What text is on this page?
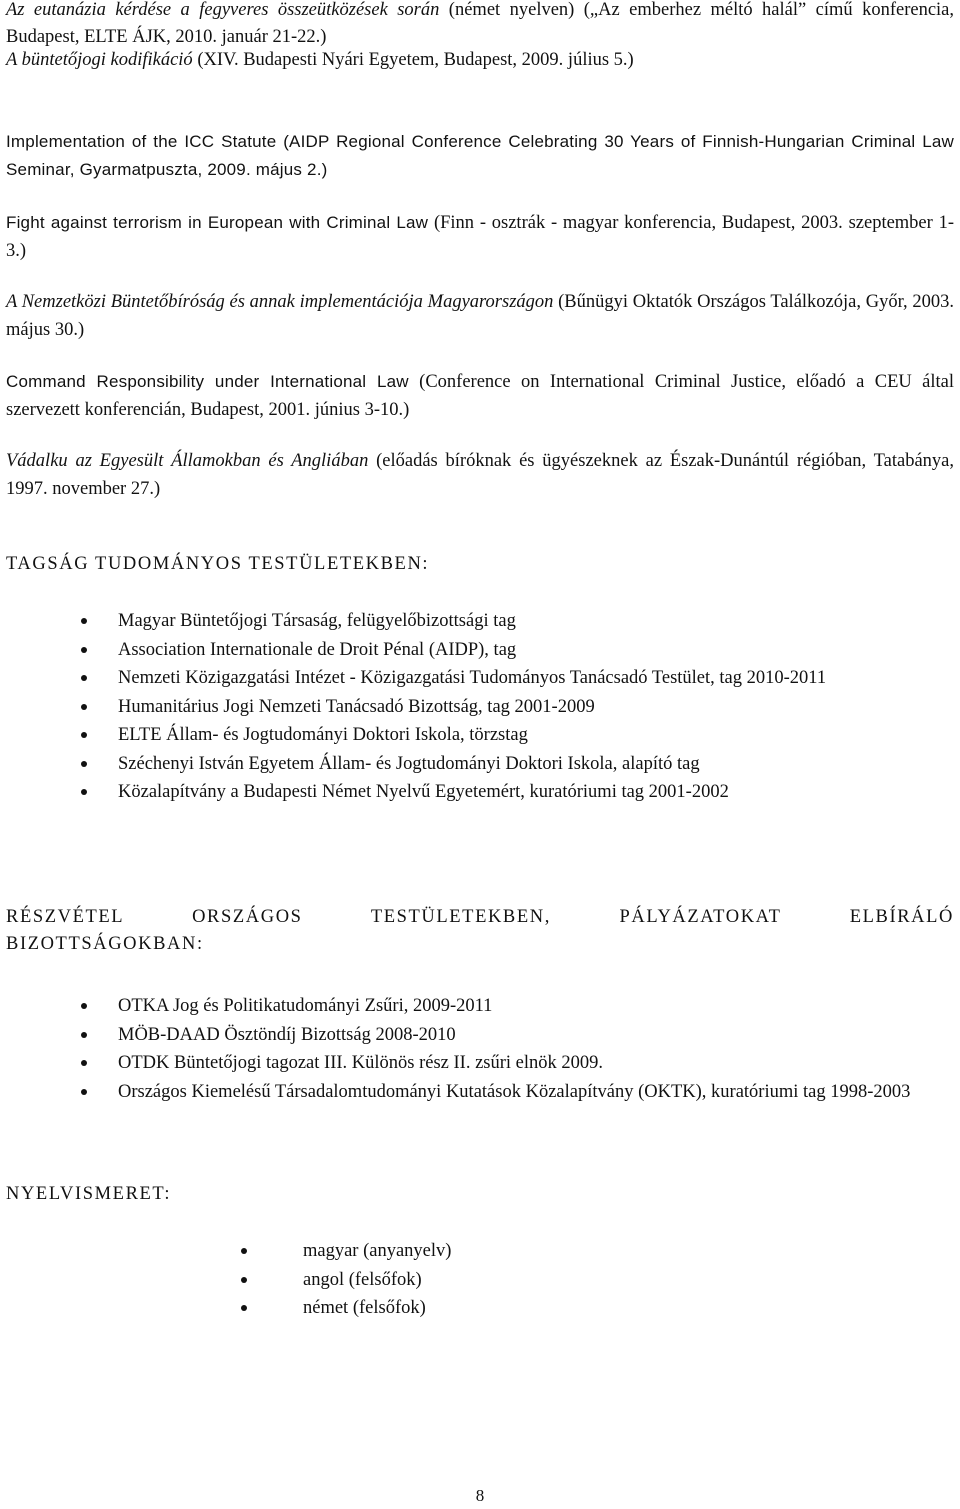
Az eutanázia kérdése a fegyveres összeütközések során (német nyelven) („Az emberhez méltó halál” című konferencia, Budapest, ELTE ÁJK, 2010. január 21-22.)

A büntetőjogi kodifikáció (XIV. Budapesti Nyári Egyetem, Budapest, 2009. július 5.)

Implementation of the ICC Statute (AIDP Regional Conference Celebrating 30 Years of Finnish-Hungarian Criminal Law Seminar, Gyarmatpuszta, 2009. május 2.)

Fight against terrorism in European with Criminal Law (Finn - osztrák - magyar konferencia, Budapest, 2003. szeptember 1-3.)

A Nemzetközi Büntetőbíróság és annak implementációja Magyarországon (Bűnügyi Oktatók Országos Találkozója, Győr, 2003. május 30.)

Command Responsibility under International Law (Conference on International Criminal Justice, előadó a CEU által szervezett konferencián, Budapest, 2001. június 3-10.)

Vádalku az Egyesült Államokban és Angliában (előadás bíróknak és ügyészeknek az Észak-Dunántúl régióban, Tatabánya, 1997. november 27.)

TAGSÁG TUDOMÁNYOS TESTÜLETEKBEN:
Magyar Büntetőjogi Társaság, felügyelőbizottsági tag
Association Internationale de Droit Pénal (AIDP), tag
Nemzeti Közigazgatási Intézet - Közigazgatási Tudományos Tanácsadó Testület, tag 2010-2011
Humanitárius Jogi Nemzeti Tanácsadó Bizottság, tag 2001-2009
ELTE Állam- és Jogtudományi Doktori Iskola, törzstag
Széchenyi István Egyetem Állam- és Jogtudományi Doktori Iskola, alapító tag
Közalapítvány a Budapesti Német Nyelvű Egyetemért, kuratóriumi tag 2001-2002
RÉSZVÉTEL ORSZÁGOS TESTÜLETEKBEN, PÁLYÁZATOKAT ELBÍRÁLÓ BIZOTTSÁGOKBAN:
OTKA Jog és Politikatudományi Zsűri, 2009-2011
MÖB-DAAD Ösztöndíj Bizottság 2008-2010
OTDK Büntetőjogi tagozat III. Különös rész II. zsűri elnök 2009.
Országos Kiemelésű Társadalomtudományi Kutatások Közalapítvány (OKTK), kuratóriumi tag 1998-2003
NYELVISMERET:
magyar (anyanyelv)
angol (felsőfok)
német (felsőfok)
8
